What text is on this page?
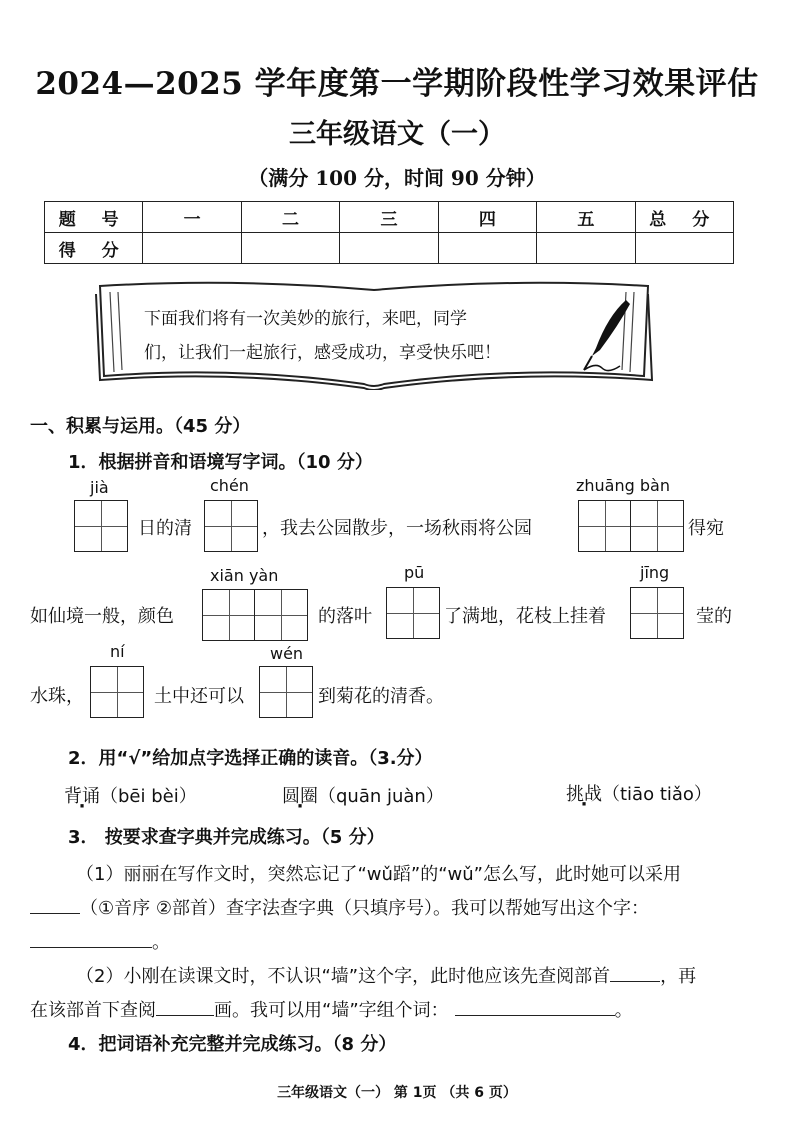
2024—2025 学年度第一学期阶段性学习效果评估
三年级语文（一）
（满分 100 分，时间 90 分钟）
题 号	一	二	三	四	五	总 分
得 分						
下面我们将有一次美妙的旅行，来吧，同学
们，让我们一起旅行，感受成功，享受快乐吧！
一、积累与运用。（45 分）
1．根据拼音和语境写字词。（10 分）
jià
日的清
chén
，我去公园散步，一场秋雨将公园
zhuāng bàn
得宛
xiān yàn
如仙境一般，颜色	的落叶
pū
了满地，花枝上挂着
jīng
莹的
ní
水珠，	土中还可以
wén
到菊花的清香。
2．用“√”给加点字选择正确的读音。（3.分）
背诵（bēi bèi）	圆圈（quān juàn）	挑战（tiāo tiǎo）
3． 按要求查字典并完成练习。（5 分）
（1）丽丽在写作文时，突然忘记了“wǔ蹈”的“wǔ”怎么写，此时她可以采用
（①音序 ②部首）查字法查字典（只填序号）。我可以帮她写出这个字：
。
（2）小刚在读课文时，不认识“墙”这个字，此时他应该先查阅部首	，再
在该部首下查阅	画。我可以用“墙”字组个词：	。
4．把词语补充完整并完成练习。（8 分）
三年级语文（一） 第 1页 （共 6 页）
